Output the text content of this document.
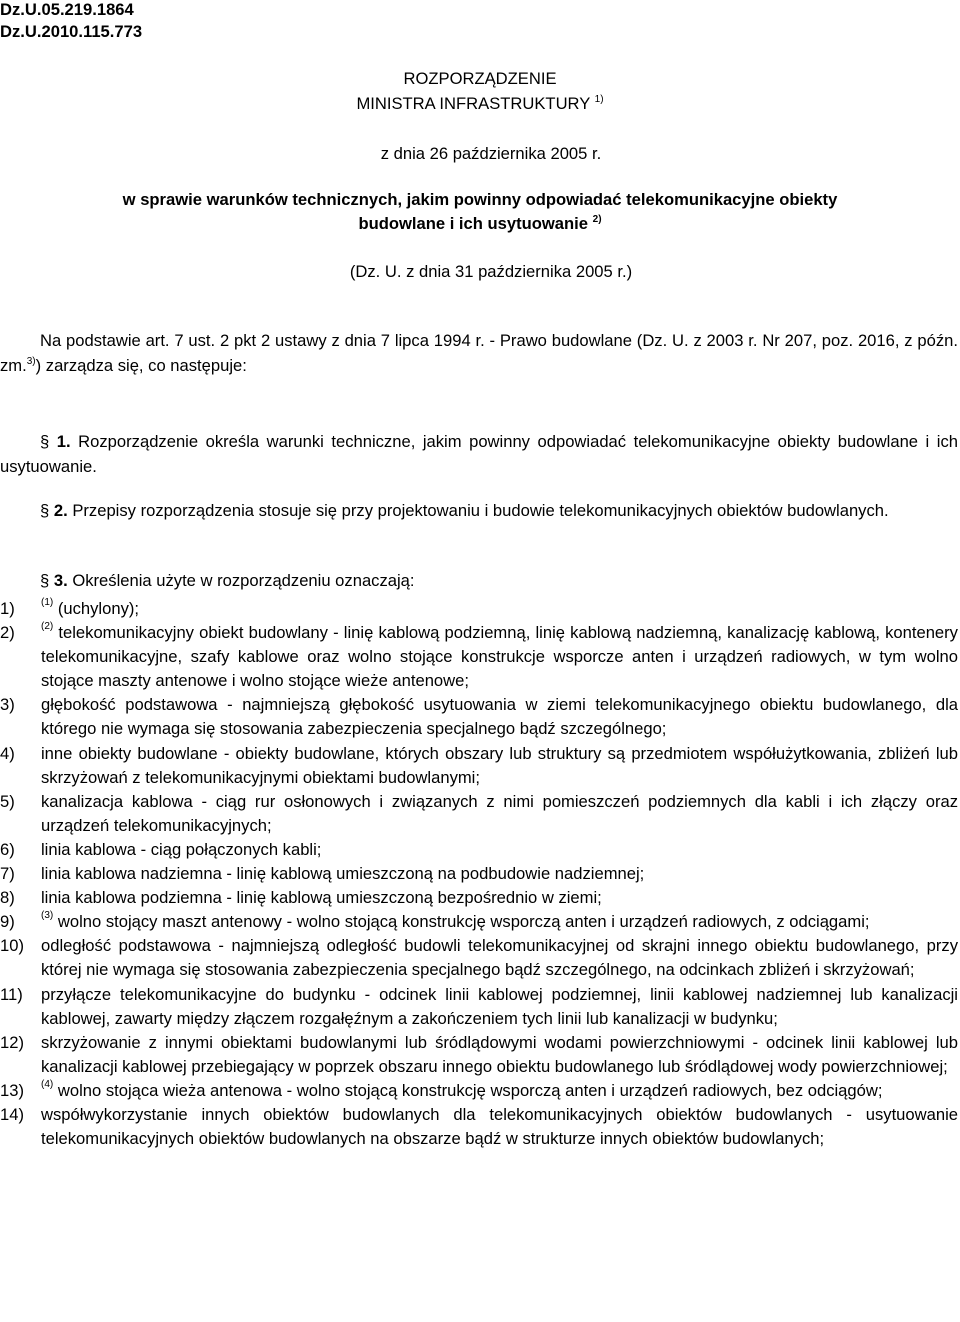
Dz.U.05.219.1864
Dz.U.2010.115.773
ROZPORZĄDZENIE
MINISTRA INFRASTRUKTURY $^{1)}$
z dnia 26 października 2005 r.
w sprawie warunków technicznych, jakim powinny odpowiadać telekomunikacyjne obiekty
budowlane i ich usytuowanie $^{2)}$
(Dz. U. z dnia 31 października 2005 r.)
Na podstawie art. 7 ust. 2 pkt 2 ustawy z dnia 7 lipca 1994 r. - Prawo budowlane (Dz. U. z 2003 r. Nr 207, poz. 2016, z późn. zm.$^{3)}$) zarządza się, co następuje:
§ 1. Rozporządzenie określa warunki techniczne, jakim powinny odpowiadać telekomunikacyjne obiekty budowlane i ich usytuowanie.
§ 2. Przepisy rozporządzenia stosuje się przy projektowaniu i budowie telekomunikacyjnych obiektów budowlanych.
§ 3. Określenia użyte w rozporządzeniu oznaczają:
1)	$^{(1)}$ (uchylony);
2)	$^{(2)}$ telekomunikacyjny obiekt budowlany - linię kablową podziemną, linię kablową nadziemną, kanalizację kablową, kontenery telekomunikacyjne, szafy kablowe oraz wolno stojące konstrukcje wsporcze anten i urządzeń radiowych, w tym wolno stojące maszty antenowe i wolno stojące wieże antenowe;
3)	głębokość podstawowa - najmniejszą głębokość usytuowania w ziemi telekomunikacyjnego obiektu budowlanego, dla którego nie wymaga się stosowania zabezpieczenia specjalnego bądź szczególnego;
4)	inne obiekty budowlane - obiekty budowlane, których obszary lub struktury są przedmiotem współużytkowania, zbliżeń lub skrzyżowań z telekomunikacyjnymi obiektami budowlanymi;
5)	kanalizacja kablowa - ciąg rur osłonowych i związanych z nimi pomieszczeń podziemnych dla kabli i ich złączy oraz urządzeń telekomunikacyjnych;
6)	linia kablowa - ciąg połączonych kabli;
7)	linia kablowa nadziemna - linię kablową umieszczoną na podbudowie nadziemnej;
8)	linia kablowa podziemna - linię kablową umieszczoną bezpośrednio w ziemi;
9)	$^{(3)}$ wolno stojący maszt antenowy - wolno stojącą konstrukcję wsporczą anten i urządzeń radiowych, z odciągami;
10)	odległość podstawowa - najmniejszą odległość budowli telekomunikacyjnej od skrajni innego obiektu budowlanego, przy której nie wymaga się stosowania zabezpieczenia specjalnego bądź szczególnego, na odcinkach zbliżeń i skrzyżowań;
11)	przyłącze telekomunikacyjne do budynku - odcinek linii kablowej podziemnej, linii kablowej nadziemnej lub kanalizacji kablowej, zawarty między złączem rozgałęźnym a zakończeniem tych linii lub kanalizacji w budynku;
12)	skrzyżowanie z innymi obiektami budowlanymi lub śródlądowymi wodami powierzchniowymi - odcinek linii kablowej lub kanalizacji kablowej przebiegający w poprzek obszaru innego obiektu budowlanego lub śródlądowej wody powierzchniowej;
13)	$^{(4)}$ wolno stojąca wieża antenowa - wolno stojącą konstrukcję wsporczą anten i urządzeń radiowych, bez odciągów;
14)	współwykorzystanie innych obiektów budowlanych dla telekomunikacyjnych obiektów budowlanych - usytuowanie telekomunikacyjnych obiektów budowlanych na obszarze bądź w strukturze innych obiektów budowlanych;
